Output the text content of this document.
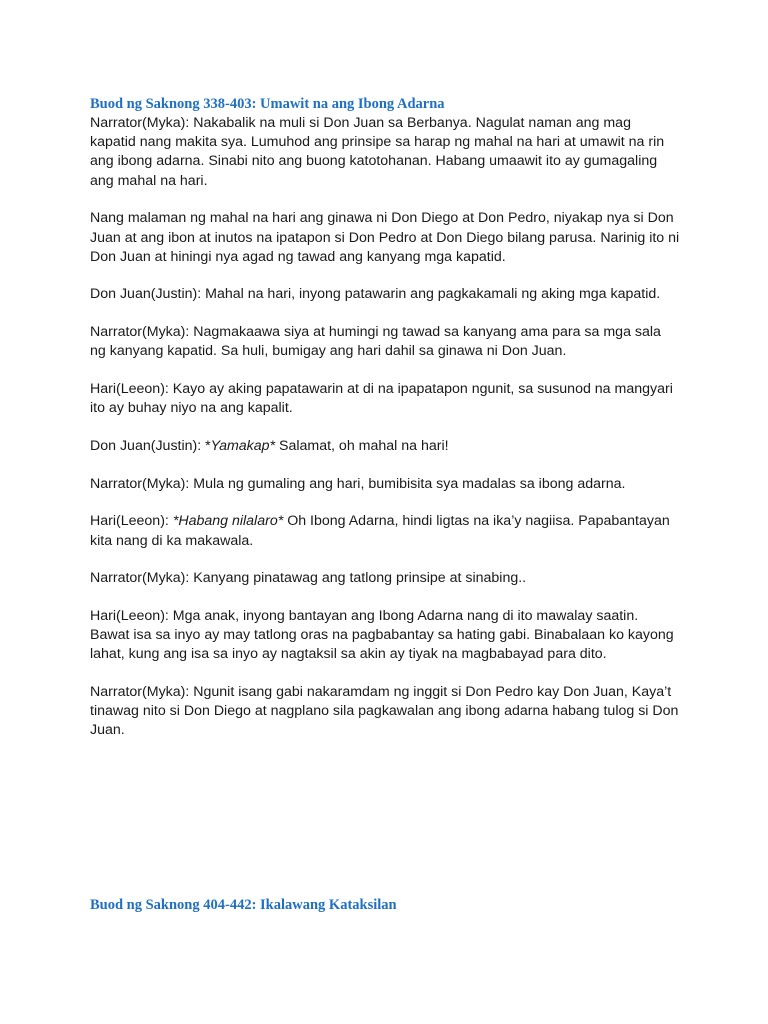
Buod ng Saknong 338-403: Umawit na ang Ibong Adarna

Narrator(Myka): Nakabalik na muli si Don Juan sa Berbanya. Nagulat naman ang mag kapatid nang makita sya. Lumuhod ang prinsipe sa harap ng mahal na hari at umawit na rin ang ibong adarna. Sinabi nito ang buong katotohanan. Habang umaawit ito ay gumagaling ang mahal na hari.

Nang malaman ng mahal na hari ang ginawa ni Don Diego at Don Pedro, niyakap nya si Don Juan at ang ibon at inutos na ipatapon si Don Pedro at Don Diego bilang parusa. Narinig ito ni Don Juan at hiningi nya agad ng tawad ang kanyang mga kapatid.

Don Juan(Justin): Mahal na hari, inyong patawarin ang pagkakamali ng aking mga kapatid.

Narrator(Myka): Nagmakaawa siya at humingi ng tawad sa kanyang ama para sa mga sala ng kanyang kapatid. Sa huli, bumigay ang hari dahil sa ginawa ni Don Juan.

Hari(Leeon): Kayo ay aking papatawarin at di na ipapatapon ngunit, sa susunod na mangyari ito ay buhay niyo na ang kapalit.

Don Juan(Justin): *Yamakap* Salamat, oh mahal na hari!

Narrator(Myka): Mula ng gumaling ang hari, bumibisita sya madalas sa ibong adarna.

Hari(Leeon): *Habang nilalaro* Oh Ibong Adarna, hindi ligtas na ika’y nagiisa. Papabantayan kita nang di ka makawala.

Narrator(Myka): Kanyang pinatawag ang tatlong prinsipe at sinabing..

Hari(Leeon): Mga anak, inyong bantayan ang Ibong Adarna nang di ito mawalay saatin. Bawat isa sa inyo ay may tatlong oras na pagbabantay sa hating gabi. Binabalaan ko kayong lahat, kung ang isa sa inyo ay nagtaksil sa akin ay tiyak na magbabayad para dito.

Narrator(Myka): Ngunit isang gabi nakaramdam ng inggit si Don Pedro kay Don Juan, Kaya’t tinawag nito si Don Diego at nagplano sila pagkawalan ang ibong adarna habang tulog si Don Juan.

Buod ng Saknong 404-442: Ikalawang Kataksilan
